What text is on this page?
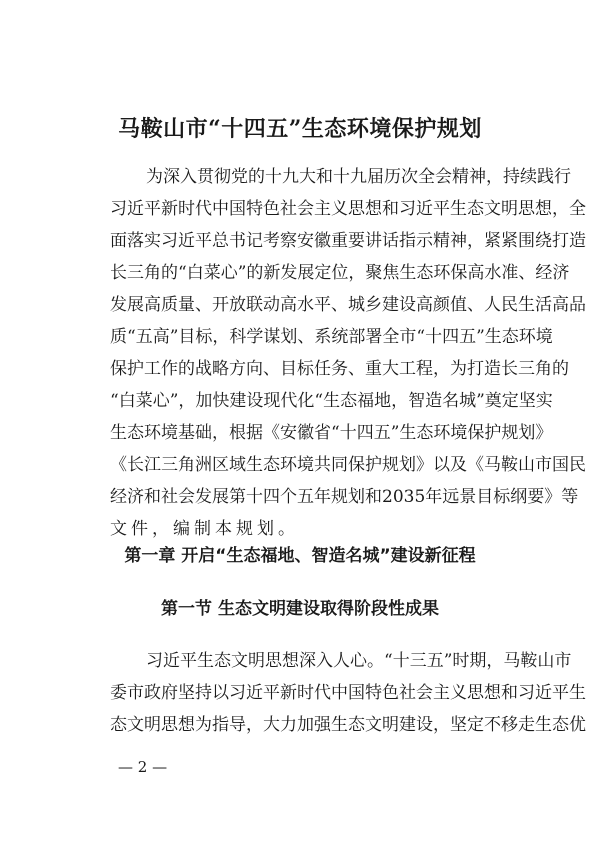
马鞍山市“十四五”生态环境保护规划
为深入贯彻党的十九大和十九届历次全会精神，持续践行
习近平新时代中国特色社会主义思想和习近平生态文明思想，全
面落实习近平总书记考察安徽重要讲话指示精神，紧紧围绕打造
长三角的“白菜心”的新发展定位，聚焦生态环保高水准、经济
发展高质量、开放联动高水平、城乡建设高颜值、人民生活高品
质“五高”目标，科学谋划、系统部署全市“十四五”生态环境
保护工作的战略方向、目标任务、重大工程，为打造长三角的
“白菜心”，加快建设现代化“生态福地，智造名城”奠定坚实
生态环境基础，根据《安徽省“十四五”生态环境保护规划》
《长江三角洲区域生态环境共同保护规划》以及《马鞍山市国民
经济和社会发展第十四个五年规划和2035年远景目标纲要》等
文件，编制本规划。
第一章 开启“生态福地、智造名城”建设新征程
第一节 生态文明建设取得阶段性成果
习近平生态文明思想深入人心。“十三五”时期，马鞍山市
委市政府坚持以习近平新时代中国特色社会主义思想和习近平生
态文明思想为指导，大力加强生态文明建设，坚定不移走生态优
— 2 —
